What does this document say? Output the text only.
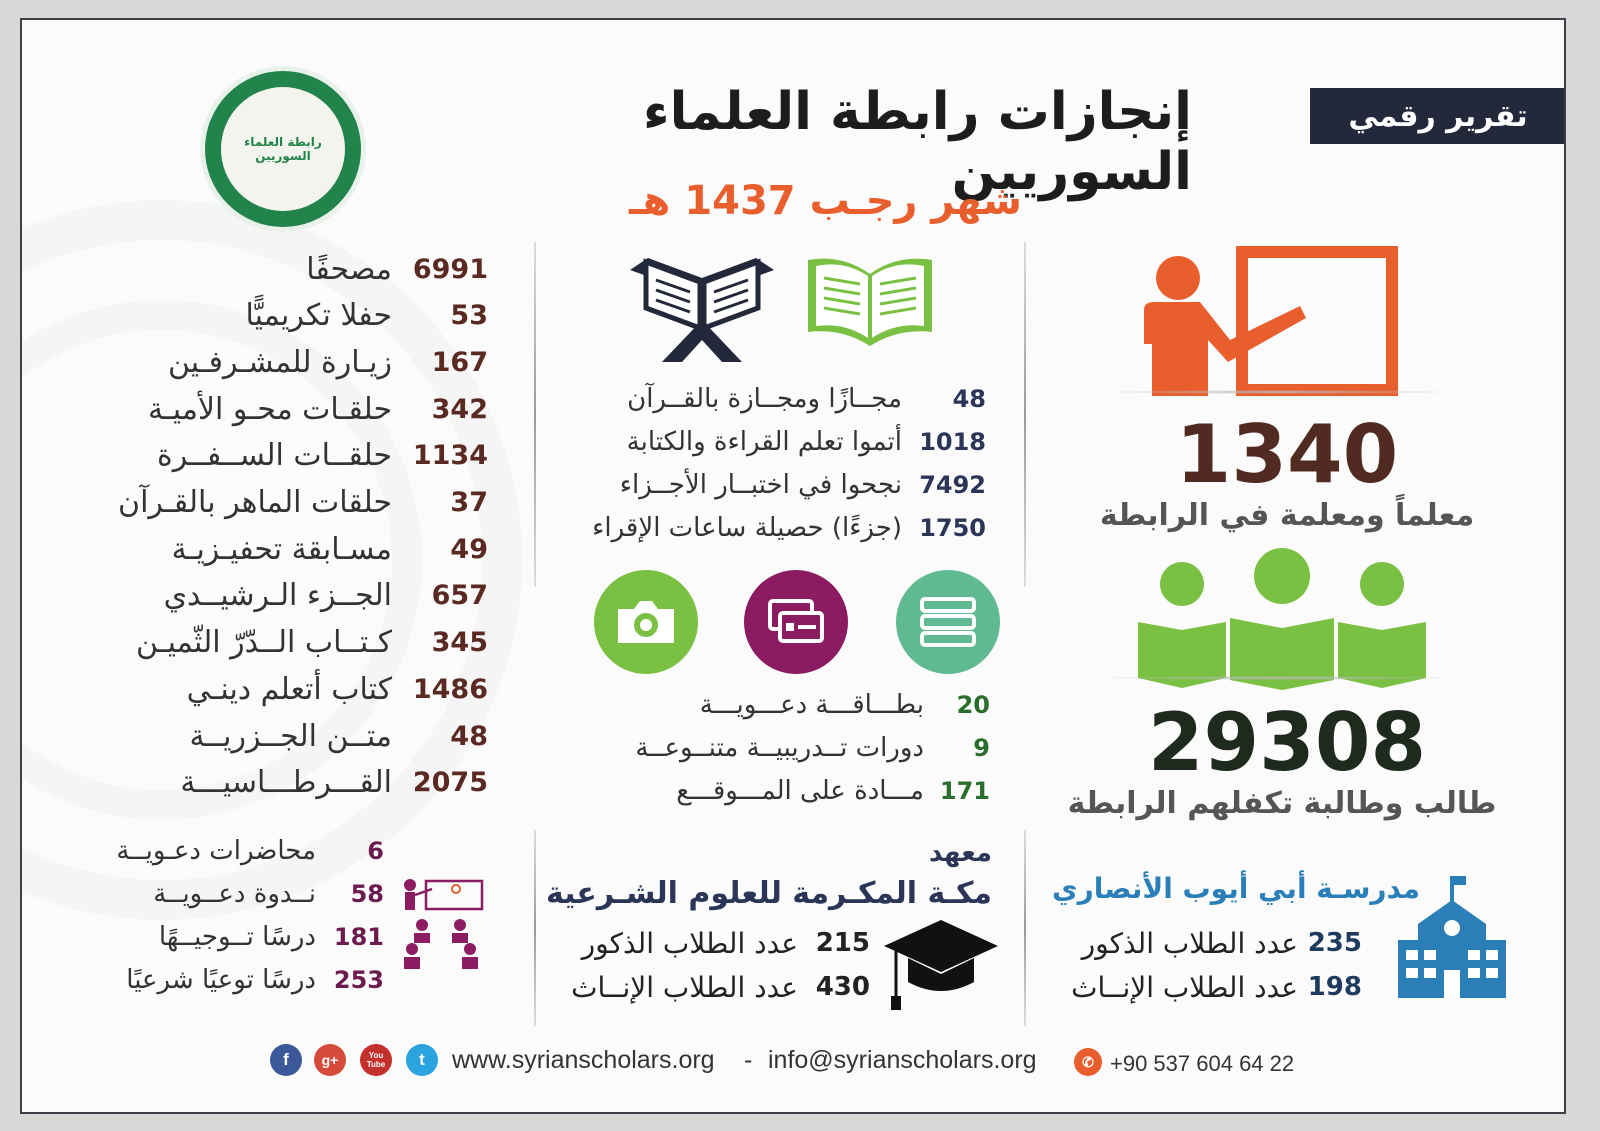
تقرير رقمي
إنجازات رابطة العلماء السوريين
شهر رجـب 1437 هـ
رابطة العلماء السوريين
مصحفًا 6991
حفلا تكريميًّا	53
زيـارة للمشـرفـين	167
حلقـات محـو الأميـة	342
حلقــات الســفــرة 1134
حلقات الماهر بالقـرآن	37
مسـابقة تحفيـزيـة	49
الجــزء الـرشيــدي	657
كـتــاب الــدّرّ الثّميـن	345
كتاب أتعلم دينـي 1486
متــن الجــزريــة	48
القـــرطـــاسيـــة 2075
محاضرات دعـويــة	6
نــدوة دعــويــة	58
درسًا تــوجيــهًا 181
درسًا توعيًا شرعيًا 253
مجــازًا ومجــازة بالقــرآن	48
أتموا تعلم القراءة والكتابة 1018
نجحوا في اختبــار الأجــزاء 7492
(جزءًا) حصيلة ساعات الإقراء 1750
بطـــاقـــة دعـــويـــة	20
دورات تــدريبيــة متنــوعــة	9
مـــادة على المـــوقـــع 171
معهد
مكـة المكـرمة للعلوم الشـرعية
عدد الطلاب الذكور 215
عدد الطلاب الإنــاث 430
1340
معلماً ومعلمة في الرابطة
29308
طالب وطالبة تكفلهم الرابطة
مدرسـة أبي أيوب الأنصاري
عدد الطلاب الذكور 235
عدد الطلاب الإنــاث 198
f	g+	You Tube	t	www.syrianscholars.org - info@syrianscholars.org	✆ +90 537 604 64 22
